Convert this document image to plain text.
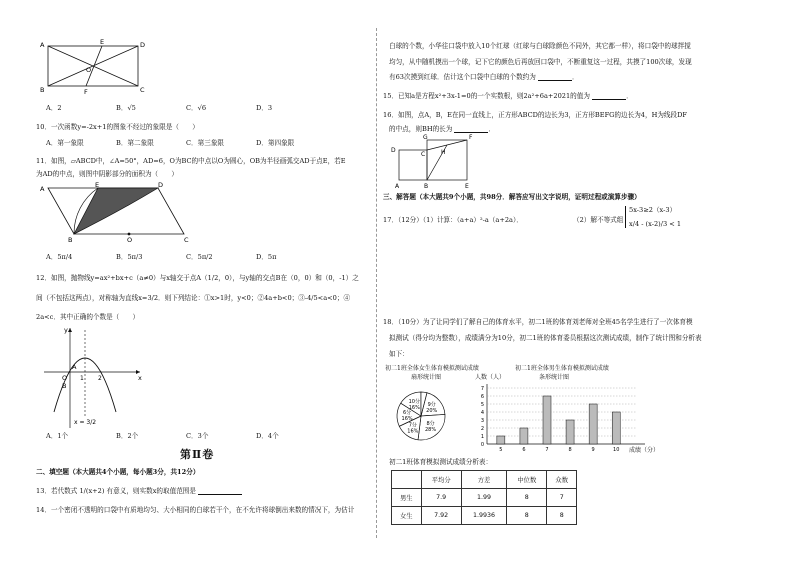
A	E	D
B	F	C
O
A．2	B．√5	C．√6	D．3
10．一次函数y=-2x+1的图象不经过的象限是（　　）
A．第一象限	B．第二象限	C．第三象限	D．第四象限
11．如图，▱ABCD中，∠A=50°，AD=6，O为BC的中点以O为圆心，OB为半径画弧交AD于点E，若E
为AD的中点，则图中阴影部分的面积为（　　）
A	E	D
B	O	C
A．5π/4	B．5π/3	C．5π/2	D．5π
12．如图，抛物线y=ax²+bx+c（a≠0）与x轴交于点A（1/2，0），与y轴的交点B在（0，0）和（0，-1）之
间（不包括这两点），对称轴为直线x=3/2．则下列结论：①x>1时，y<0；②4a+b<0；③-4/5<a<0；④
2a<c．其中正确的个数是（　　）
y
x
O
A
B
1 2
x = 3/2
A．1个	B．2个	C．3个	D．4个
第Ⅱ卷
二、填空题（本大题共4个小题，每小题3分，共12分）
13．若代数式 1/(x+2) 有意义，则实数x的取值范围是
14．一个密闭不透明的口袋中有质地均匀、大小相同的白球若干个，在不允许将球倒出来数的情况下，为估计
白球的个数，小华往口袋中放入10个红球（红球与白球除颜色不同外，其它都一样），将口袋中的球拌搅
均匀，从中随机摸出一个球，记下它的颜色后再放回口袋中，不断重复这一过程，共摸了100次球，发现
有63次摸到红球．估计这个口袋中白球的个数约为	．
15．已知a是方程x²+3x-1=0的一个实数根，则2a²+6a+2021的值为	．
16．如图，点A，B，E在同一直线上，正方形ABCD的边长为3，正方形BEFG的边长为4，H为线段DF
的中点，则BH的长为	．
G	F
D
C	H
A	B	E
三、解答题（本大题共9个小题，共98分．解答应写出文字说明，证明过程或演算步骤）
17．（12分）（1）计算：（a+a）²-a（a+2a）．	（2）解不等式组
5x-3≥2（x-3）
x/4 - (x-2)/3 < 1
18．（10分）为了让同学们了解自己的体育水平，初二1班的体育刘老师对全班45名学生进行了一次体育模
拟测试（得分均为整数），成绩满分为10分，初二1班的体育委员根据这次测试成绩，制作了统计图和分析表
如下：
初二1班全体女生体育模拟测试成绩
扇形统计图
9分
20%
8分
28%
7分
16%
6分
16%
10分
16%
初二1班全体男生体育模拟测试成绩
条形统计图
人数（人）
0
1
2
3
4
5
6
7
5	6	7	8	9	10 成绩（分）
初二1班体育模拟测试成绩分析表：
	平均分	方差	中位数	众数
男生	7.9	1.99	8	7
女生	7.92	1.9936	8	8
